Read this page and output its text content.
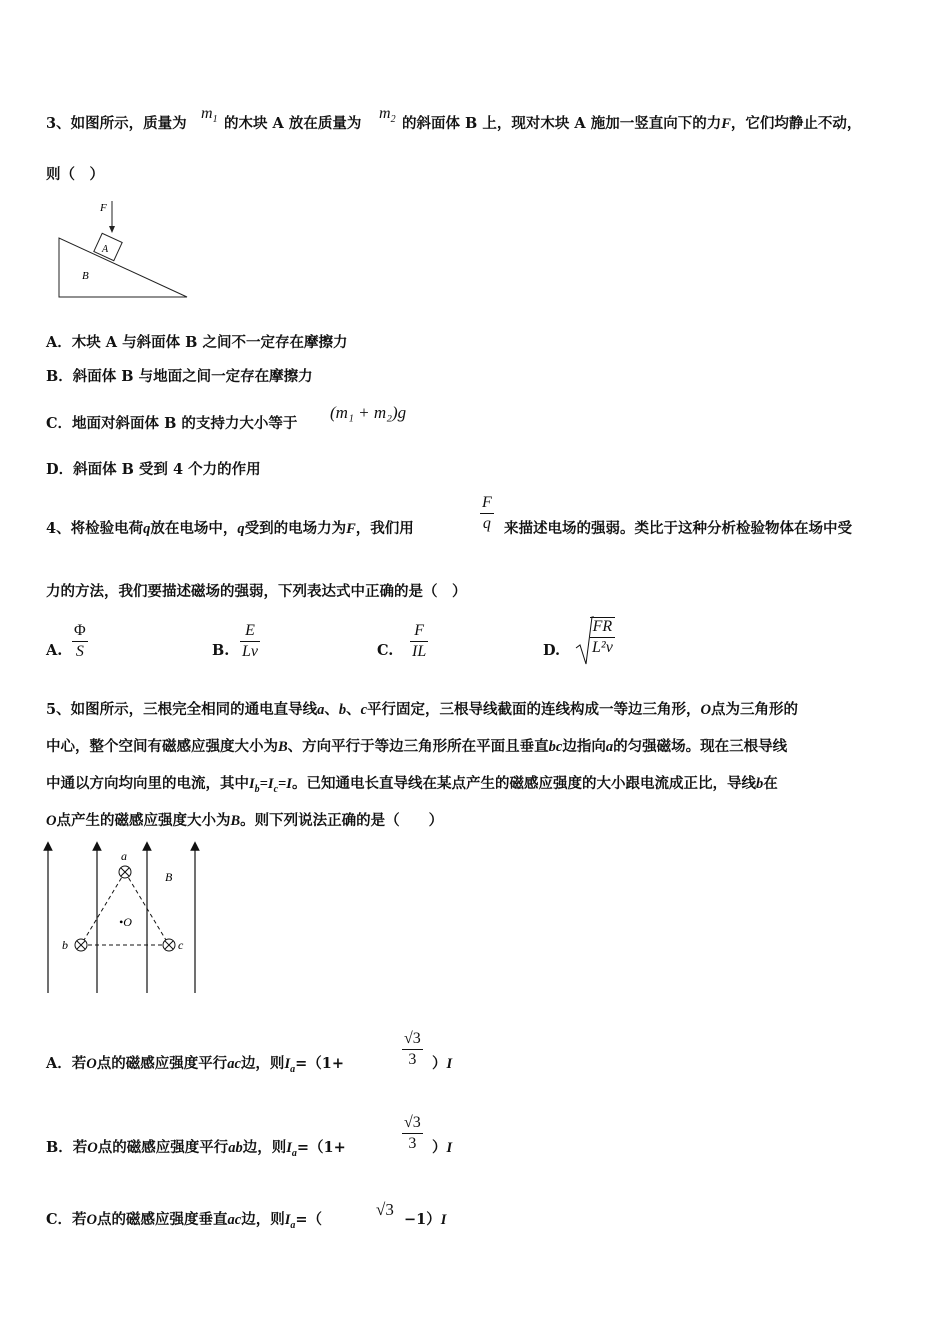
3、如图所示，质量为
$m_1$ 的木块 A 放在质量为
$m_2$ 的斜面体 B 上，现对木块 A 施加一竖直向下的力F，它们均静止不动，
则（　）
F
A
B
A．木块 A 与斜面体 B 之间不一定存在摩擦力
B．斜面体 B 与地面之间一定存在摩擦力
C．地面对斜面体 B 的支持力大小等于
(m₁ + m₂)g
D．斜面体 B 受到 4 个力的作用
4、将检验电荷q放在电场中，q受到的电场力为F，我们用
F
q 来描述电场的强弱。类比于这种分析检验物体在场中受
力的方法，我们要描述磁场的强弱，下列表达式中正确的是（　）
A.
Φ
S	B.
E
Lv	C.
F
IL	D.
FR
L²v
5、如图所示，三根完全相同的通电直导线a、b、c平行固定，三根导线截面的连线构成一等边三角形，O点为三角形的
中心，整个空间有磁感应强度大小为B、方向平行于等边三角形所在平面且垂直bc边指向a的匀强磁场。现在三根导线
中通以方向均向里的电流，其中$I_b=I_c=I$。已知通电长直导线在某点产生的磁感应强度的大小跟电流成正比，导线b在
O点产生的磁感应强度大小为B。则下列说法正确的是（　　）
a
b	c
•O
B
A．若O点的磁感应强度平行ac边，则$I_a=(1+$
√3
3	）I
B．若O点的磁感应强度平行ab边，则$I_a=(1+$
√3
3	）I
C．若O点的磁感应强度垂直ac边，则$I_a=$（
√3
−1）I
